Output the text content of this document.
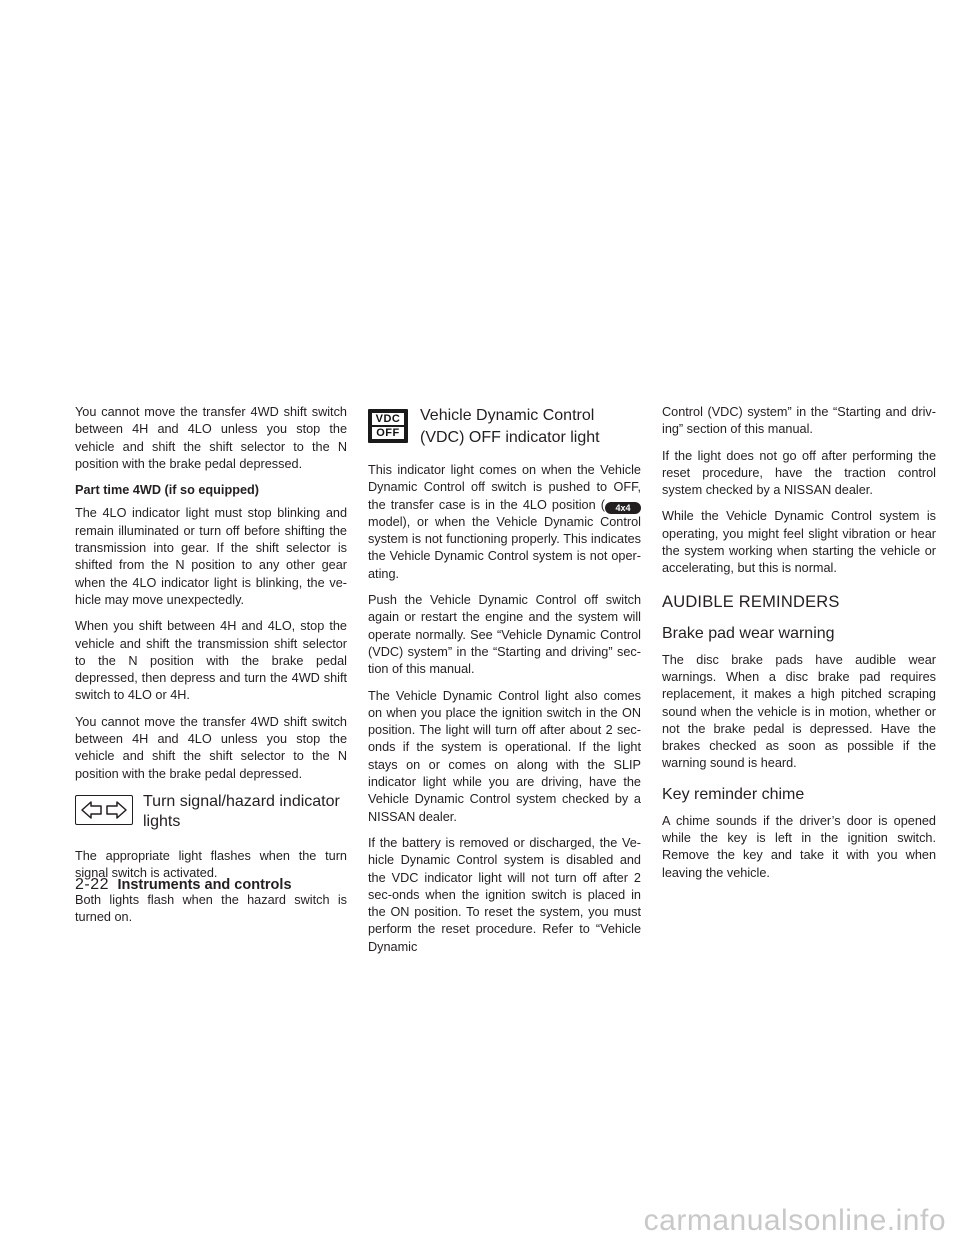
You cannot move the transfer 4WD shift switch between 4H and 4LO unless you stop the vehicle and shift the shift selector to the N position with the brake pedal depressed.

Part time 4WD (if so equipped)

The 4LO indicator light must stop blinking and remain illuminated or turn off before shifting the transmission into gear. If the shift selector is shifted from the N position to any other gear when the 4LO indicator light is blinking, the ve-hicle may move unexpectedly.

When you shift between 4H and 4LO, stop the vehicle and shift the transmission shift selector to the N position with the brake pedal depressed, then depress and turn the 4WD shift switch to 4LO or 4H.

You cannot move the transfer 4WD shift switch between 4H and 4LO unless you stop the vehicle and shift the shift selector to the N position with the brake pedal depressed.

Turn signal/hazard indicator
lights

The appropriate light flashes when the turn signal switch is activated.

Both lights flash when the hazard switch is turned on.

VDC
OFF
Vehicle Dynamic Control
(VDC) OFF indicator light

This indicator light comes on when the Vehicle Dynamic Control off switch is pushed to OFF, the transfer case is in the 4LO position ( 4x4 model), or when the Vehicle Dynamic Control system is not functioning properly. This indicates the Vehicle Dynamic Control system is not oper-ating.

Push the Vehicle Dynamic Control off switch again or restart the engine and the system will operate normally. See “Vehicle Dynamic Control (VDC) system” in the “Starting and driving” sec-tion of this manual.

The Vehicle Dynamic Control light also comes on when you place the ignition switch in the ON position. The light will turn off after about 2 sec-onds if the system is operational. If the light stays on or comes on along with the SLIP indicator light while you are driving, have the Vehicle Dynamic Control system checked by a NISSAN dealer.

If the battery is removed or discharged, the Ve-hicle Dynamic Control system is disabled and the VDC indicator light will not turn off after 2 sec-onds when the ignition switch is placed in the ON position. To reset the system, you must perform the reset procedure. Refer to “Vehicle Dynamic

Control (VDC) system” in the “Starting and driv-ing” section of this manual.

If the light does not go off after performing the reset procedure, have the traction control system checked by a NISSAN dealer.

While the Vehicle Dynamic Control system is operating, you might feel slight vibration or hear the system working when starting the vehicle or accelerating, but this is normal.

AUDIBLE REMINDERS
Brake pad wear warning

The disc brake pads have audible wear warnings. When a disc brake pad requires replacement, it makes a high pitched scraping sound when the vehicle is in motion, whether or not the brake pedal is depressed. Have the brakes checked as soon as possible if the warning sound is heard.

Key reminder chime

A chime sounds if the driver’s door is opened while the key is left in the ignition switch. Remove the key and take it with you when leaving the vehicle.

2-22 Instruments and controls
carmanualsonline.info
